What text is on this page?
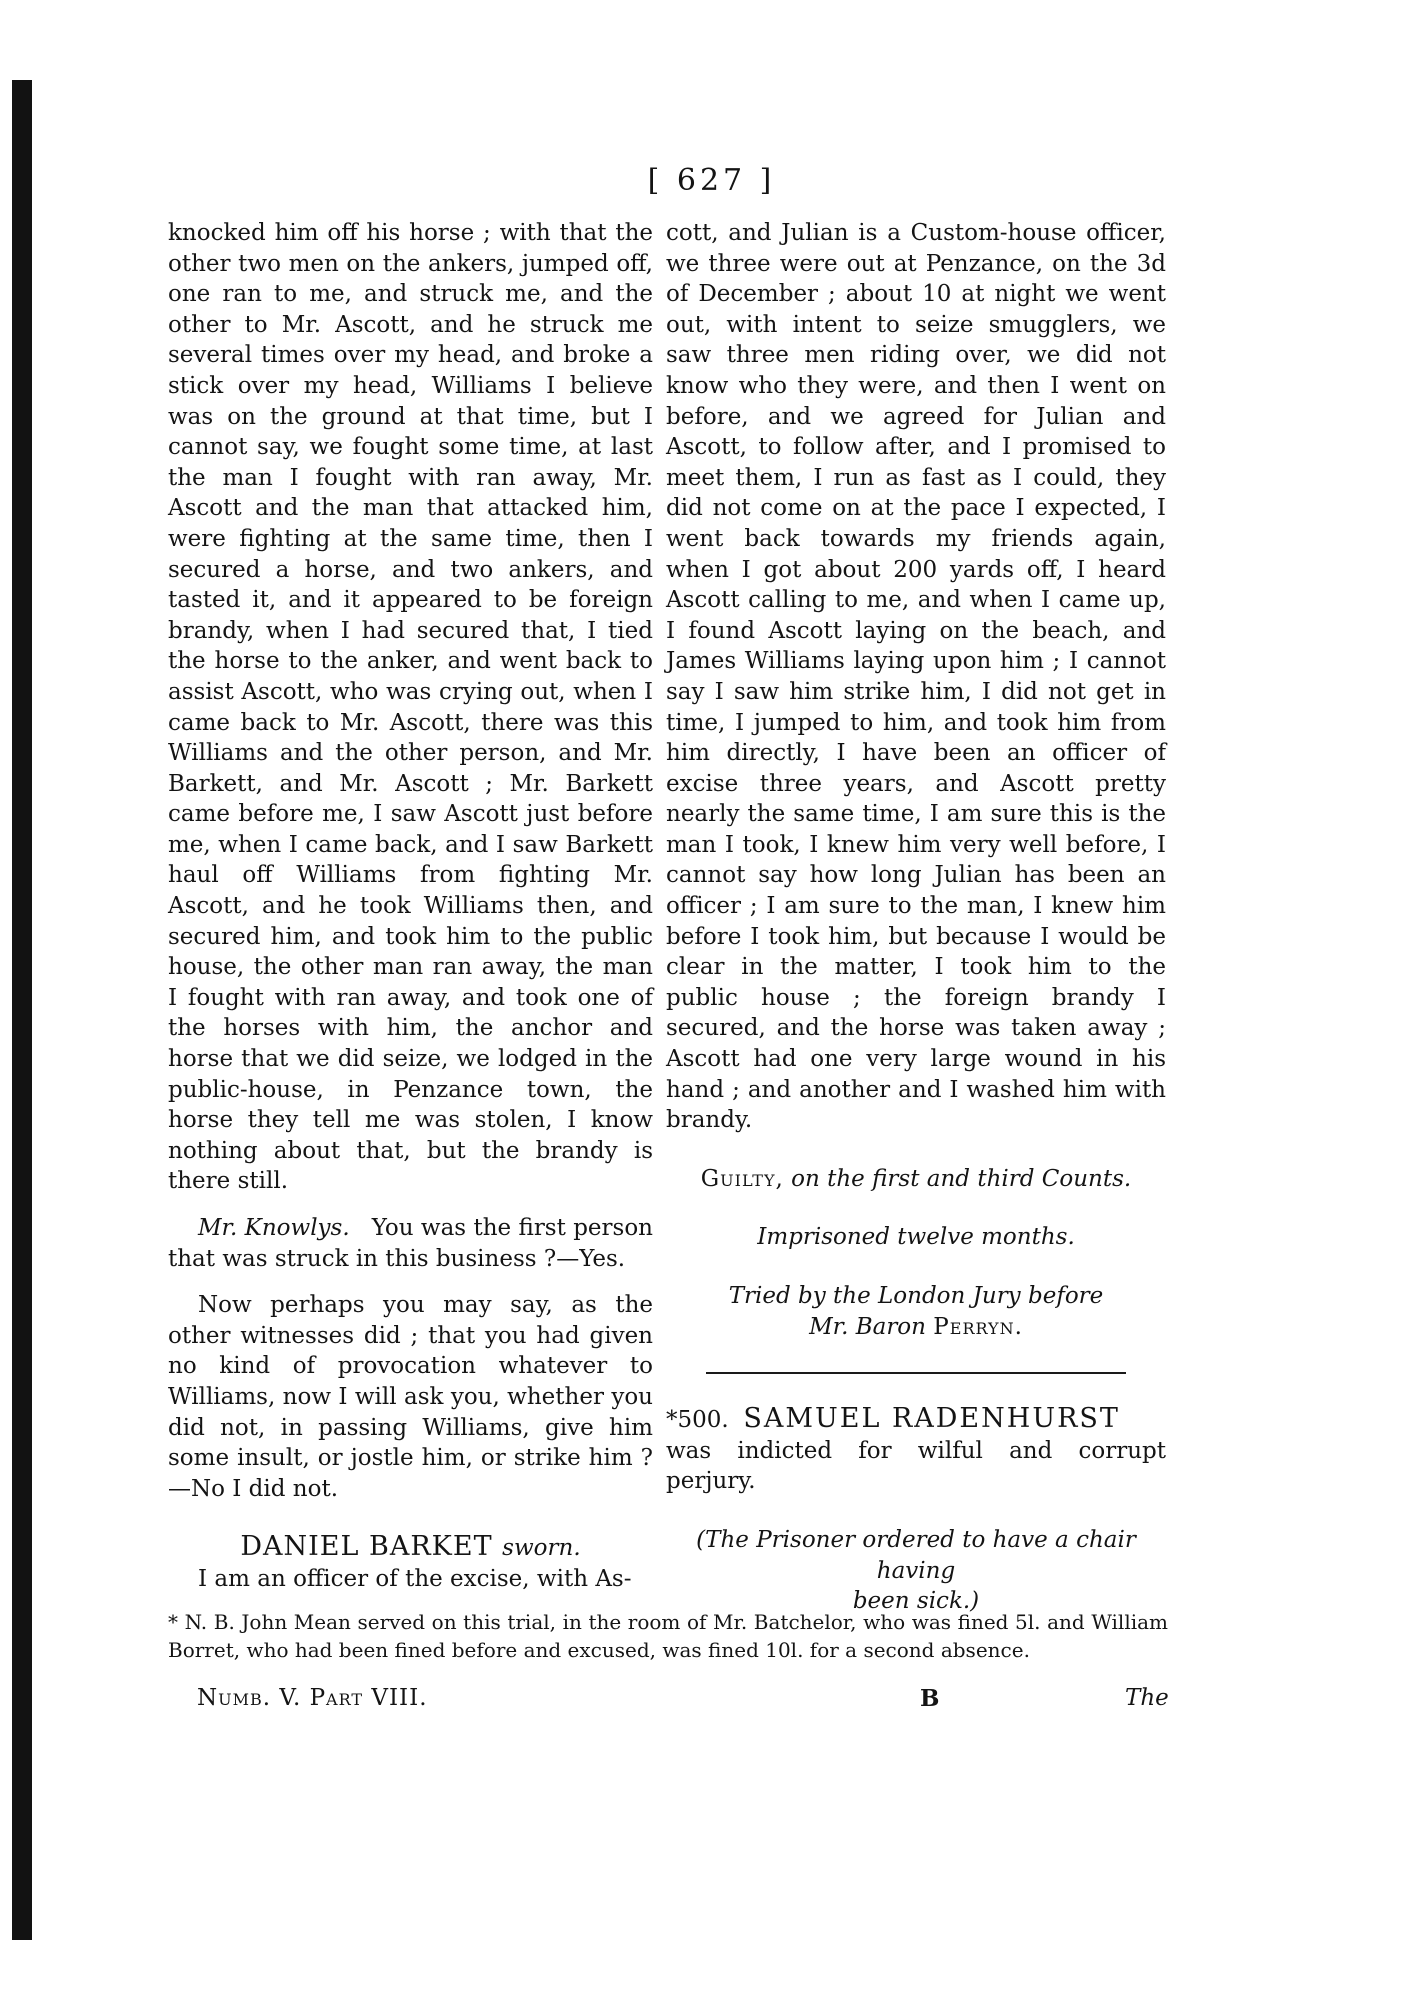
[ 627 ]

knocked him off his horse ; with that the other two men on the ankers, jumped off, one ran to me, and struck me, and the other to Mr. Ascott, and he struck me several times over my head, and broke a stick over my head, Williams I believe was on the ground at that time, but I cannot say, we fought some time, at last the man I fought with ran away, Mr. Ascott and the man that attacked him, were fighting at the same time, then I secured a horse, and two ankers, and tasted it, and it appeared to be foreign brandy, when I had secured that, I tied the horse to the anker, and went back to assist Ascott, who was crying out, when I came back to Mr. Ascott, there was this Williams and the other person, and Mr. Barkett, and Mr. Ascott ; Mr. Barkett came before me, I saw Ascott just before me, when I came back, and I saw Barkett haul off Williams from fighting Mr. Ascott, and he took Williams then, and secured him, and took him to the public house, the other man ran away, the man I fought with ran away, and took one of the horses with him, the anchor and horse that we did seize, we lodged in the public-house, in Penzance town, the horse they tell me was stolen, I know nothing about that, but the brandy is there still.

Mr. Knowlys. You was the first person that was struck in this business ?—Yes.

Now perhaps you may say, as the other witnesses did ; that you had given no kind of provocation whatever to Williams, now I will ask you, whether you did not, in passing Williams, give him some insult, or jostle him, or strike him ?—No I did not.

DANIEL BARKET sworn.

I am an officer of the excise, with As-

cott, and Julian is a Custom-house officer, we three were out at Penzance, on the 3d of December ; about 10 at night we went out, with intent to seize smugglers, we saw three men riding over, we did not know who they were, and then I went on before, and we agreed for Julian and Ascott, to follow after, and I promised to meet them, I run as fast as I could, they did not come on at the pace I expected, I went back towards my friends again, when I got about 200 yards off, I heard Ascott calling to me, and when I came up, I found Ascott laying on the beach, and James Williams laying upon him ; I cannot say I saw him strike him, I did not get in time, I jumped to him, and took him from him directly, I have been an officer of excise three years, and Ascott pretty nearly the same time, I am sure this is the man I took, I knew him very well before, I cannot say how long Julian has been an officer ; I am sure to the man, I knew him before I took him, but because I would be clear in the matter, I took him to the public house ; the foreign brandy I secured, and the horse was taken away ; Ascott had one very large wound in his hand ; and another and I washed him with brandy.

Guilty, on the first and third Counts.

Imprisoned twelve months.

Tried by the London Jury before
Mr. Baron Perryn.

*500. SAMUEL RADENHURST
was indicted for wilful and corrupt perjury.

(The Prisoner ordered to have a chair having
been sick.)

* N. B. John Mean served on this trial, in the room of Mr. Batchelor, who was fined 5l. and William Borret, who had been fined before and excused, was fined 10l. for a second absence.
Numb. V. Part VIII.	B	The
